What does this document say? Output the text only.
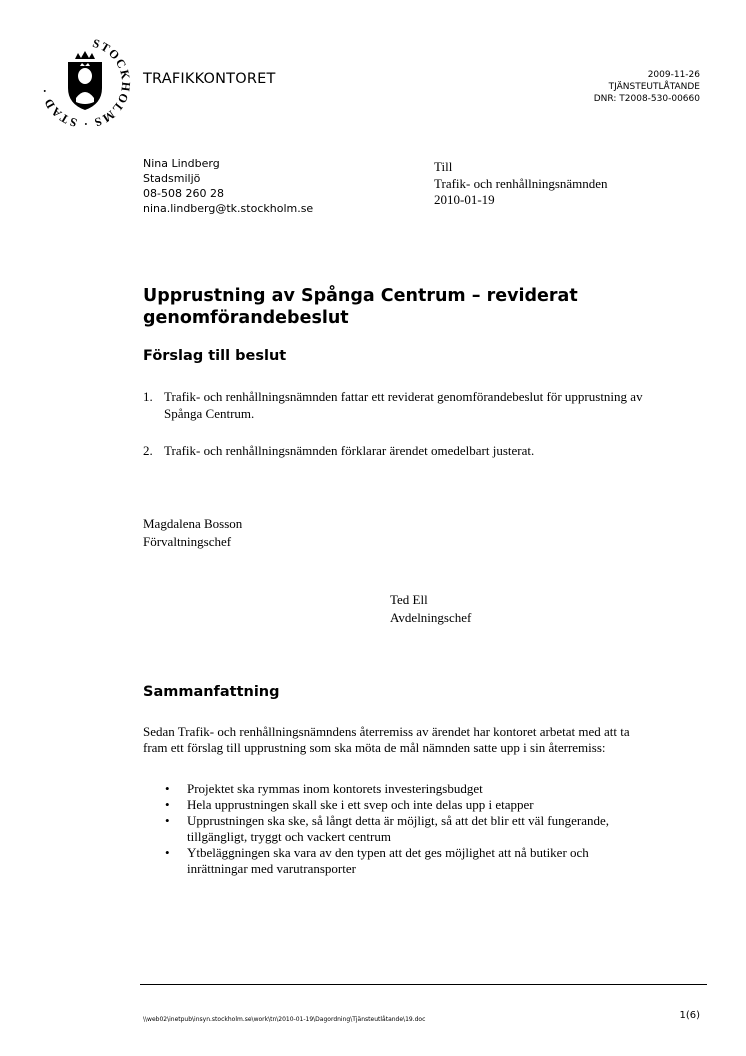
STOCKHOLMS · STAD ·
TRAFIKKONTORET	2009-11-26
TJÄNSTEUTLÅTANDE
DNR: T2008-530-00660
Nina Lindberg
Stadsmiljö
08-508 260 28
nina.lindberg@tk.stockholm.se
Till
Trafik- och renhållningsnämnden
2010-01-19
Upprustning av Spånga Centrum – reviderat genomförandebeslut
Förslag till beslut
1. Trafik- och renhållningsnämnden fattar ett reviderat genomförandebeslut för upprustning av Spånga Centrum.
2. Trafik- och renhållningsnämnden förklarar ärendet omedelbart justerat.
Magdalena Bosson
Förvaltningschef
Ted Ell
Avdelningschef
Sammanfattning
Sedan Trafik- och renhållningsnämndens återremiss av ärendet har kontoret arbetat med att ta fram ett förslag till upprustning som ska möta de mål nämnden satte upp i sin återremiss:
• Projektet ska rymmas inom kontorets investeringsbudget
• Hela upprustningen skall ske i ett svep och inte delas upp i etapper
• Upprustningen ska ske, så långt detta är möjligt, så att det blir ett väl fungerande, tillgängligt, tryggt och vackert centrum
• Ytbeläggningen ska vara av den typen att det ges möjlighet att nå butiker och inrättningar med varutransporter
\\web02\inetpub\insyn.stockholm.se\work\tn\2010-01-19\Dagordning\Tjänsteutlåtande\19.doc	1(6)
